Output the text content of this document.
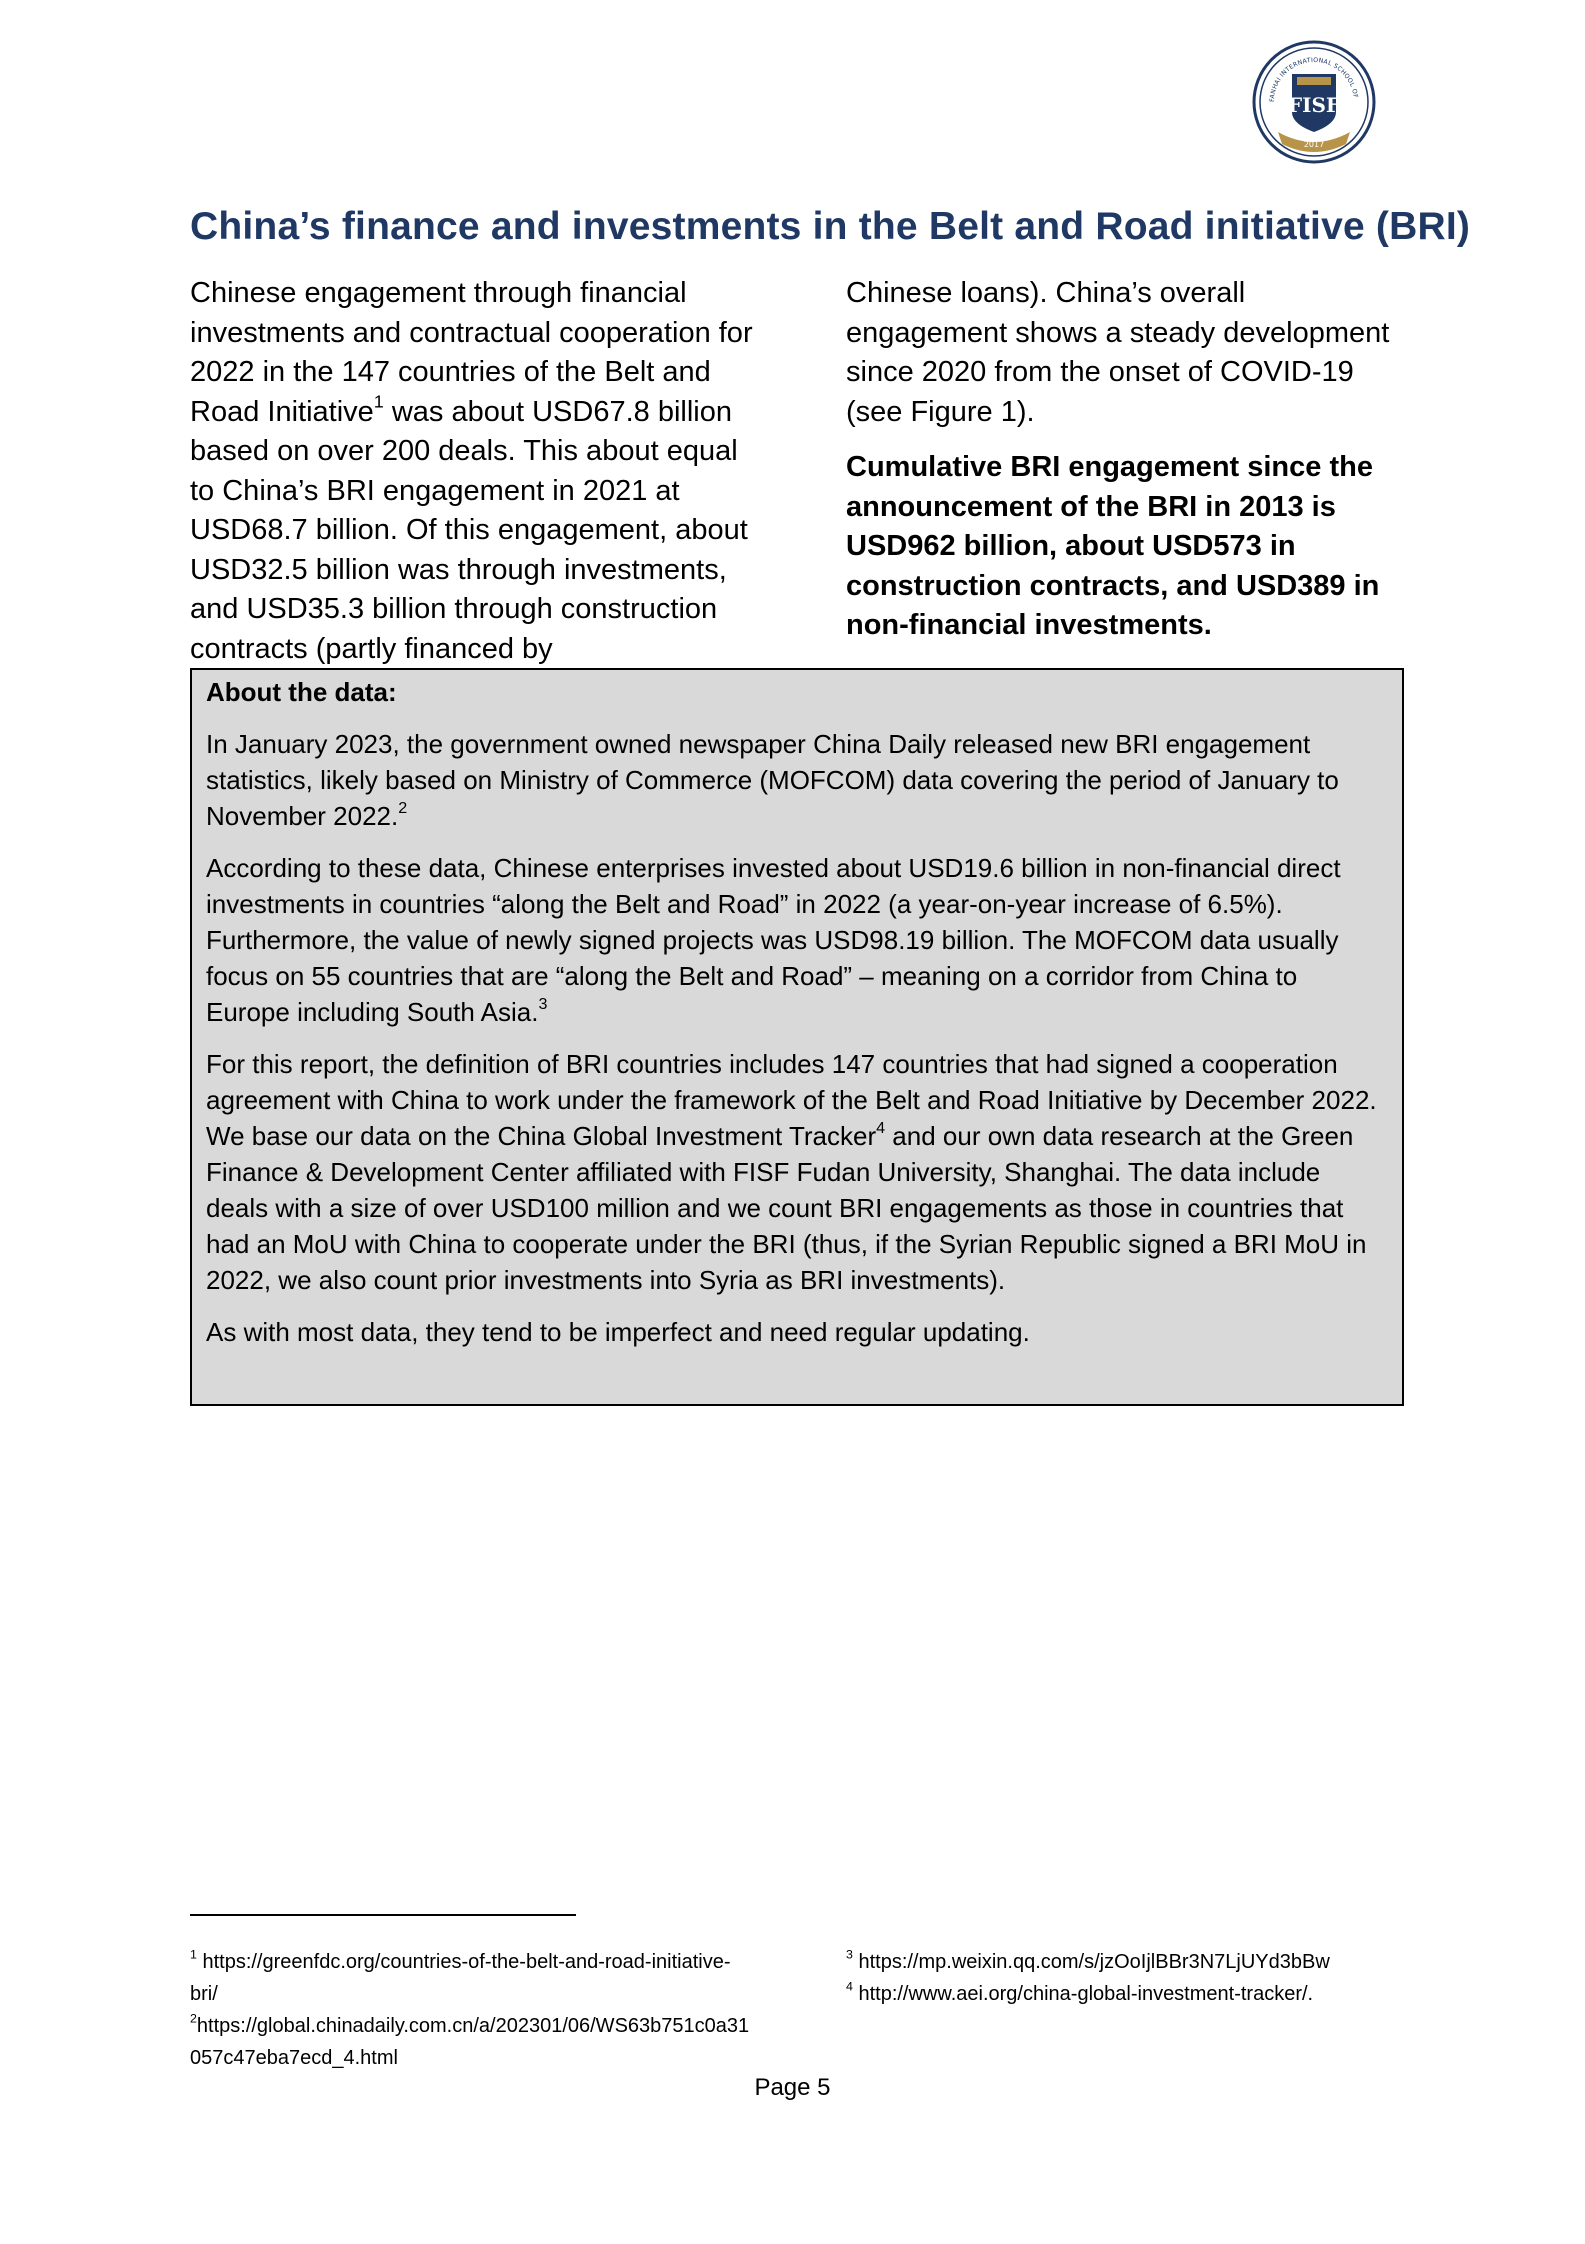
FANHAI INTERNATIONAL SCHOOL OF
FISF
2017
China’s finance and investments in the Belt and Road initiative (BRI)

Chinese engagement through financial investments and contractual cooperation for 2022 in the 147 countries of the Belt and Road Initiative$^1$ was about USD67.8 billion based on over 200 deals. This about equal to China’s BRI engagement in 2021 at USD68.7 billion. Of this engagement, about USD32.5 billion was through investments, and USD35.3 billion through construction contracts (partly financed by

Chinese loans). China’s overall engagement shows a steady development since 2020 from the onset of COVID-19 (see Figure 1).

Cumulative BRI engagement since the announcement of the BRI in 2013 is USD962 billion, about USD573 in construction contracts, and USD389 in non-financial investments.

About the data:

In January 2023, the government owned newspaper China Daily released new BRI engagement statistics, likely based on Ministry of Commerce (MOFCOM) data covering the period of January to November 2022.$^2$

According to these data, Chinese enterprises invested about USD19.6 billion in non-financial direct investments in countries “along the Belt and Road” in 2022 (a year-on-year increase of 6.5%). Furthermore, the value of newly signed projects was USD98.19 billion. The MOFCOM data usually focus on 55 countries that are “along the Belt and Road” – meaning on a corridor from China to Europe including South Asia.$^3$

For this report, the definition of BRI countries includes 147 countries that had signed a cooperation agreement with China to work under the framework of the Belt and Road Initiative by December 2022. We base our data on the China Global Investment Tracker$^4$ and our own data research at the Green Finance & Development Center affiliated with FISF Fudan University, Shanghai. The data include deals with a size of over USD100 million and we count BRI engagements as those in countries that had an MoU with China to cooperate under the BRI (thus, if the Syrian Republic signed a BRI MoU in 2022, we also count prior investments into Syria as BRI investments).

As with most data, they tend to be imperfect and need regular updating.

$^1$ https://greenfdc.org/countries-of-the-belt-and-road-initiative-bri/

$^2$https://global.chinadaily.com.cn/a/202301/06/WS63b751c0a31057c47eba7ecd_4.html

$^3$ https://mp.weixin.qq.com/s/jzOoIjlBBr3N7LjUYd3bBw

$^4$ http://www.aei.org/china-global-investment-tracker/.

Page 5
